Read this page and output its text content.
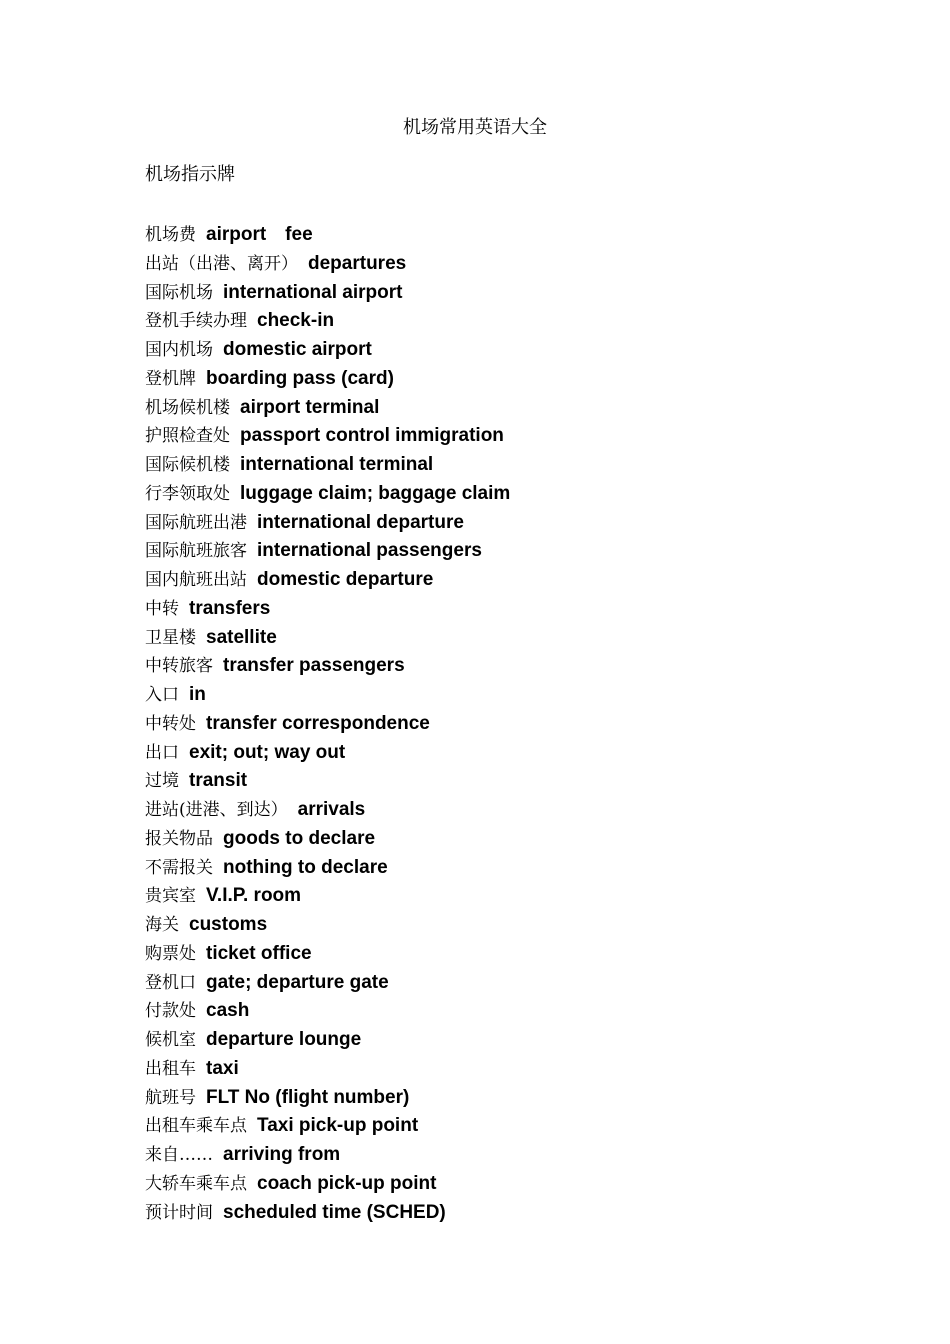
机场常用英语大全
机场指示牌
机场费 airport　fee
出站（出港、离开） departures
国际机场 international airport
登机手续办理 check-in
国内机场 domestic airport
登机牌 boarding pass (card)
机场候机楼 airport terminal
护照检查处 passport control immigration
国际候机楼 international terminal
行李领取处 luggage claim; baggage claim
国际航班出港 international departure
国际航班旅客 international passengers
国内航班出站 domestic departure
中转 transfers
卫星楼 satellite
中转旅客 transfer passengers
入口 in
中转处 transfer correspondence
出口 exit; out; way out
过境 transit
进站(进港、到达） arrivals
报关物品 goods to declare
不需报关 nothing to declare
贵宾室 V.I.P. room
海关 customs
购票处 ticket office
登机口 gate; departure gate
付款处 cash
候机室 departure lounge
出租车 taxi
航班号 FLT No (flight number)
出租车乘车点 Taxi pick-up point
来自…… arriving from
大轿车乘车点 coach pick-up point
预计时间 scheduled time (SCHED)
